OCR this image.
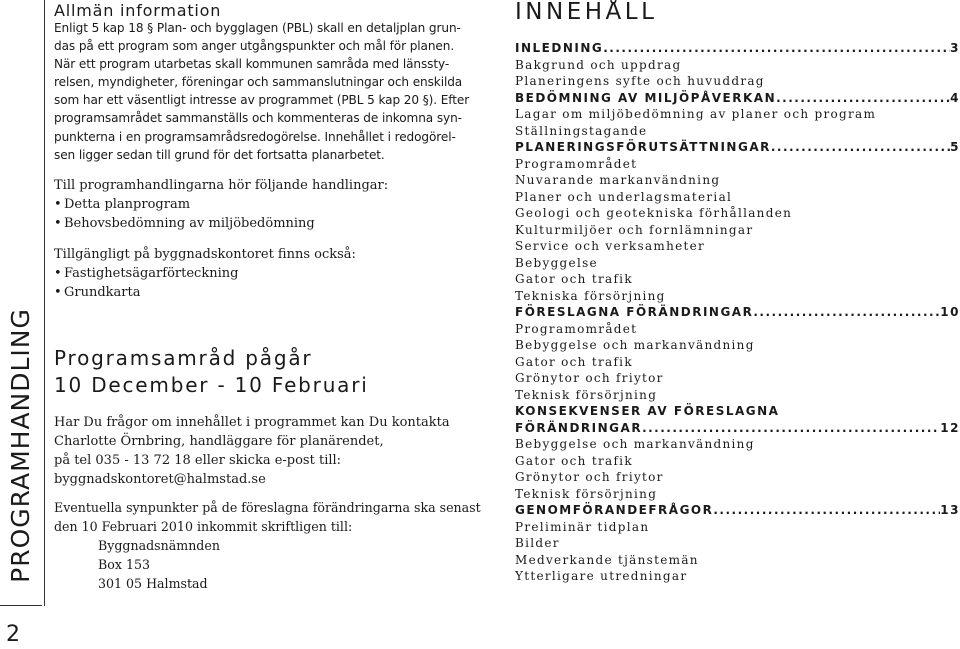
PROGRAMHANDLING
2
Allmän information
Enligt 5 kap 18 § Plan- och bygglagen (PBL) skall en detaljplan grun-
das på ett program som anger utgångspunkter och mål för planen.
När ett program utarbetas skall kommunen samråda med länssty-
relsen, myndigheter, föreningar och sammanslutningar och enskilda
som har ett väsentligt intresse av programmet (PBL 5 kap 20 §). Efter
programsamrådet sammanställs och kommenteras de inkomna syn-
punkterna i en programsamrådsredogörelse. Innehållet i redogörel-
sen ligger sedan till grund för det fortsatta planarbetet.
Till programhandlingarna hör följande handlingar:
• Detta planprogram
• Behovsbedömning av miljöbedömning
Tillgängligt på byggnadskontoret finns också:
• Fastighetsägarförteckning
• Grundkarta
Programsamråd pågår
10 December - 10 Februari
Har Du frågor om innehållet i programmet kan Du kontakta
Charlotte Örnbring, handläggare för planärendet,
på tel 035 - 13 72 18 eller skicka e-post till:
byggnadskontoret@halmstad.se
Eventuella synpunkter på de föreslagna förändringarna ska senast
den 10 Februari 2010 inkommit skriftligen till:
Byggnadsnämnden
Box 153
301 05 Halmstad
INNEHÅLL
INLEDNING .....	3
Bakgrund och uppdrag
Planeringens syfte och huvuddrag
BEDÖMNING AV MILJÖPÅVERKAN .....	4
Lagar om miljöbedömning av planer och program
Ställningstagande
PLANERINGSFÖRUTSÄTTNINGAR .....	5
Programområdet
Nuvarande markanvändning
Planer och underlagsmaterial
Geologi och geotekniska förhållanden
Kulturmiljöer och fornlämningar
Service och verksamheter
Bebyggelse
Gator och trafik
Tekniska försörjning
FÖRESLAGNA FÖRÄNDRINGAR .....	10
Programområdet
Bebyggelse och markanvändning
Gator och trafik
Grönytor och friytor
Teknisk försörjning
KONSEKVENSER AV FÖRESLAGNA
FÖRÄNDRINGAR .....	12
Bebyggelse och markanvändning
Gator och trafik
Grönytor och friytor
Teknisk försörjning
GENOMFÖRANDEFRÅGOR .....	13
Preliminär tidplan
Bilder
Medverkande tjänstemän
Ytterligare utredningar
